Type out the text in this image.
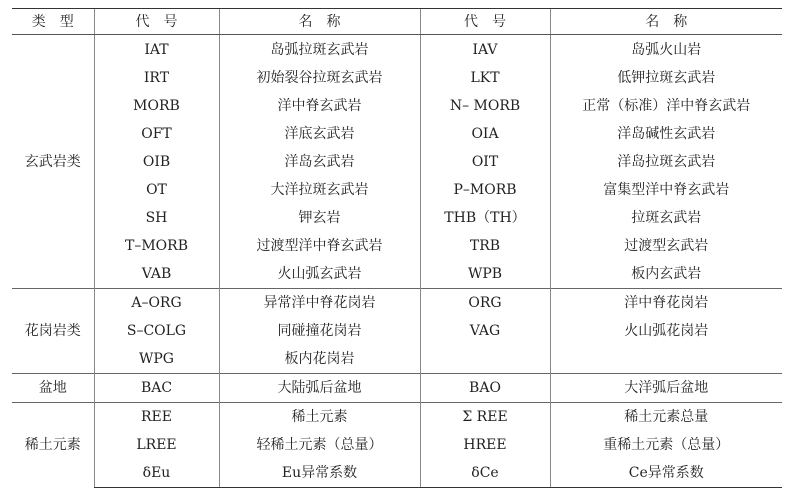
类　型	代　号	名　称	代　号	名　称
玄武岩类	IAT	岛弧拉斑玄武岩	IAV	岛弧火山岩
	IRT	初始裂谷拉斑玄武岩	LKT	低钾拉斑玄武岩
	MORB	洋中脊玄武岩	N– MORB	正常（标准）洋中脊玄武岩
	OFT	洋底玄武岩	OIA	洋岛碱性玄武岩
	OIB	洋岛玄武岩	OIT	洋岛拉斑玄武岩
	OT	大洋拉斑玄武岩	P–MORB	富集型洋中脊玄武岩
	SH	钾玄岩	THB（TH）	拉斑玄武岩
	T–MORB	过渡型洋中脊玄武岩	TRB	过渡型玄武岩
	VAB	火山弧玄武岩	WPB	板内玄武岩
花岗岩类	A–ORG	异常洋中脊花岗岩	ORG	洋中脊花岗岩
	S–COLG	同碰撞花岗岩	VAG	火山弧花岗岩
	WPG	板内花岗岩		
盆地	BAC	大陆弧后盆地	BAO	大洋弧后盆地
稀土元素	REE	稀土元素	Σ REE	稀土元素总量
	LREE	轻稀土元素（总量）	HREE	重稀土元素（总量）
	δEu	Eu异常系数	δCe	Ce异常系数
